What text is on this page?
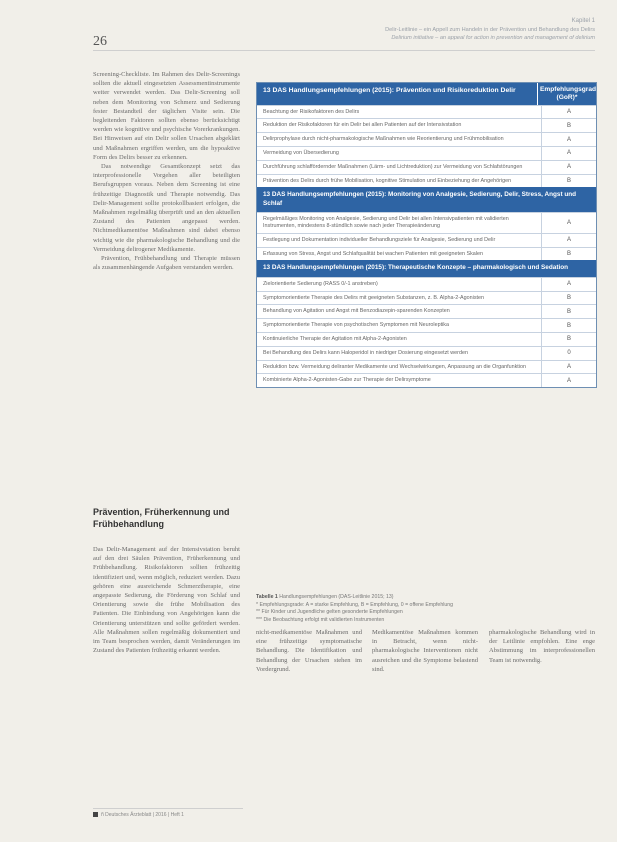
Kapitel 1
Delir-Leitlinie – ein Appell zum Handeln in der Prävention und Behandlung des Delirs
Delirium initiative – an appeal for action in prevention and management of delirium
26

Screening-Checkliste. Im Rahmen des Delir-Screenings sollten die aktuell eingesetzten Assessmentinstrumente weiter verwendet werden. Das Delir-Screening soll neben dem Monitoring von Schmerz und Sedierung fester Bestandteil der täglichen Visite sein. Die begleitenden Faktoren sollten ebenso berücksichtigt werden wie kognitive und psychische Vorerkrankungen. Bei Hinweisen auf ein Delir sollen Ursachen abgeklärt und Maßnahmen ergriffen werden, um die hypoaktive Form des Delirs besser zu erkennen.

Das notwendige Gesamtkonzept setzt das interprofessionelle Vorgehen aller beteiligten Berufsgruppen voraus. Neben dem Screening ist eine frühzeitige Diagnostik und Therapie notwendig. Das Delir-Management sollte protokollbasiert erfolgen, die Maßnahmen regelmäßig überprüft und an den aktuellen Zustand des Patienten angepasst werden. Nichtmedikamentöse Maßnahmen sind dabei ebenso wichtig wie die pharmakologische Behandlung und die Vermeidung delirogener Medikamente.

Prävention, Frühbehandlung und Therapie müssen als zusammenhängende Aufgaben verstanden werden.

Prävention, Früherkennung und Frühbehandlung

Das Delir-Management auf der Intensivstation beruht auf den drei Säulen Prävention, Früherkennung und Frühbehandlung. Risikofaktoren sollten frühzeitig identifiziert und, wenn möglich, reduziert werden. Dazu gehören eine ausreichende Schmerztherapie, eine angepasste Sedierung, die Förderung von Schlaf und Orientierung sowie die frühe Mobilisation des Patienten. Die Einbindung von Angehörigen kann die Orientierung unterstützen und sollte gefördert werden. Alle Maßnahmen sollen regelmäßig dokumentiert und im Team besprochen werden, damit Veränderungen im Zustand des Patienten frühzeitig erkannt werden.

13 DAS Handlungsempfehlungen (2015): Prävention und Risikoreduktion Delir	Empfehlungsgrad (GoR)*
Beachtung der Risikofaktoren des Delirs	A
Reduktion der Risikofaktoren für ein Delir bei allen Patienten auf der Intensivstation	B
Delirprophylaxe durch nicht-pharmakologische Maßnahmen wie Reorientierung und Frühmobilisation	A
Vermeidung von Übersedierung	A
Durchführung schlaffördernder Maßnahmen (Lärm- und Lichtreduktion) zur Vermeidung von Schlafstörungen	A
Prävention des Delirs durch frühe Mobilisation, kognitive Stimulation und Einbeziehung der Angehörigen	B
13 DAS Handlungsempfehlungen (2015): Monitoring von Analgesie, Sedierung, Delir, Stress, Angst und Schlaf
Regelmäßiges Monitoring von Analgesie, Sedierung und Delir bei allen Intensivpatienten mit validierten Instrumenten, mindestens 8-stündlich sowie nach jeder Therapieänderung	A
Festlegung und Dokumentation individueller Behandlungsziele für Analgesie, Sedierung und Delir	A
Erfassung von Stress, Angst und Schlafqualität bei wachen Patienten mit geeigneten Skalen	B
13 DAS Handlungsempfehlungen (2015): Therapeutische Konzepte – pharmakologisch und Sedation
Zielorientierte Sedierung (RASS 0/-1 anstreben)	A
Symptomorientierte Therapie des Delirs mit geeigneten Substanzen, z. B. Alpha-2-Agonisten	B
Behandlung von Agitation und Angst mit Benzodiazepin-sparenden Konzepten	B
Symptomorientierte Therapie von psychotischen Symptomen mit Neuroleptika	B
Kontinuierliche Therapie der Agitation mit Alpha-2-Agonisten	B
Bei Behandlung des Delirs kann Haloperidol in niedriger Dosierung eingesetzt werden	0
Reduktion bzw. Vermeidung deliranter Medikamente und Wechselwirkungen, Anpassung an die Organfunktion	A
Kombinierte Alpha-2-Agonisten-Gabe zur Therapie der Delirsymptome	A
Tabelle 1 Handlungsempfehlungen (DAS-Leitlinie 2015; 13)
* Empfehlungsgrade: A = starke Empfehlung, B = Empfehlung, 0 = offene Empfehlung
** Für Kinder und Jugendliche gelten gesonderte Empfehlungen
*** Die Beobachtung erfolgt mit validierten Instrumenten
nicht-medikamentöse Maßnahmen und eine frühzeitige symptomatische Behandlung. Die Identifikation und Behandlung der Ursachen stehen im Vordergrund.
Medikamentöse Maßnahmen kommen in Betracht, wenn nicht-pharmakologische Interventionen nicht ausreichen und die Symptome belastend sind.
pharmakologische Behandlung wird in der Leitlinie empfohlen. Eine enge Abstimmung im interprofessionellen Team ist notwendig.
ñ Deutsches Ärzteblatt | 2016 | Heft 1
